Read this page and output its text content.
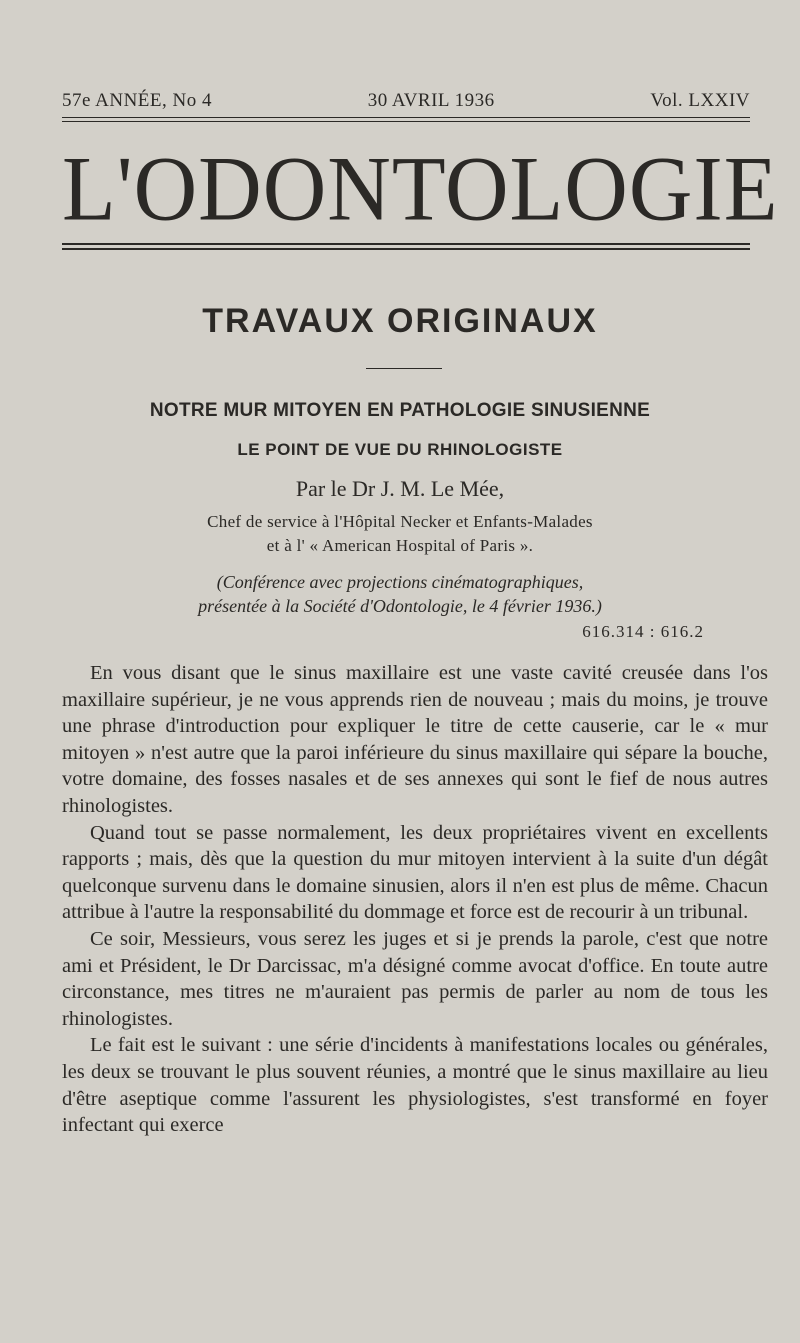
57e ANNÉE, No 4	30 AVRIL 1936	Vol. LXXIV
L'ODONTOLOGIE
TRAVAUX ORIGINAUX
NOTRE MUR MITOYEN EN PATHOLOGIE SINUSIENNE
LE POINT DE VUE DU RHINOLOGISTE
Par le Dr J. M. Le Mée,
Chef de service à l'Hôpital Necker et Enfants-Malades
et à l' « American Hospital of Paris ».
(Conférence avec projections cinématographiques,
présentée à la Société d'Odontologie, le 4 février 1936.)
616.314 : 616.2

En vous disant que le sinus maxillaire est une vaste cavité creusée dans l'os maxillaire supérieur, je ne vous apprends rien de nouveau ; mais du moins, je trouve une phrase d'introduction pour expliquer le titre de cette causerie, car le « mur mitoyen » n'est autre que la paroi inférieure du sinus maxillaire qui sépare la bouche, votre domaine, des fosses nasales et de ses annexes qui sont le fief de nous autres rhinologistes.

Quand tout se passe normalement, les deux propriétaires vivent en excellents rapports ; mais, dès que la question du mur mitoyen intervient à la suite d'un dégât quelconque survenu dans le domaine sinusien, alors il n'en est plus de même. Chacun attribue à l'autre la responsabilité du dommage et force est de recourir à un tribunal.

Ce soir, Messieurs, vous serez les juges et si je prends la parole, c'est que notre ami et Président, le Dr Darcissac, m'a désigné comme avocat d'office. En toute autre circonstance, mes titres ne m'auraient pas permis de parler au nom de tous les rhinologistes.

Le fait est le suivant : une série d'incidents à manifestations locales ou générales, les deux se trouvant le plus souvent réunies, a montré que le sinus maxillaire au lieu d'être aseptique comme l'assurent les physiologistes, s'est transformé en foyer infectant qui exerce
